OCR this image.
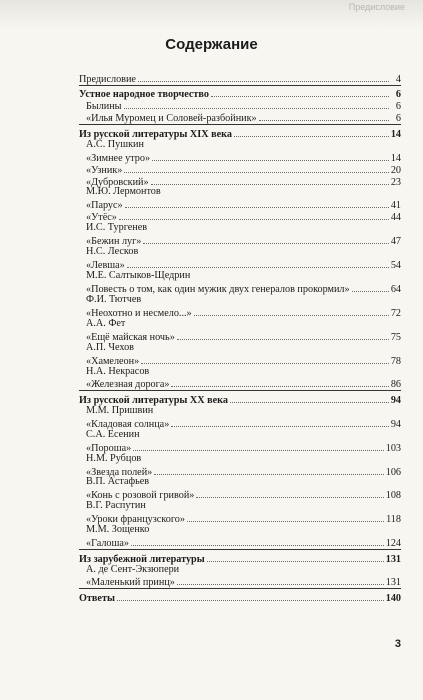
Предисловие
Содержание
Предисловие	4
Устное народное творчество	6
Былины	6
«Илья Муромец и Соловей-разбойник»	6
Из русской литературы XIX века	14
А.С. Пушкин
«Зимнее утро»	14
«Узник»	20
«Дубровский»	23
М.Ю. Лермонтов
«Парус»	41
«Утёс»	44
И.С. Тургенев
«Бежин луг»	47
Н.С. Лесков
«Левша»	54
М.Е. Салтыков-Щедрин
«Повесть о том, как один мужик двух генералов прокормил»	64
Ф.И. Тютчев
«Неохотно и несмело...»	72
А.А. Фет
«Ещё майская ночь»	75
А.П. Чехов
«Хамелеон»	78
Н.А. Некрасов
«Железная дорога»	86
Из русской литературы XX века	94
М.М. Пришвин
«Кладовая солнца»	94
С.А. Есенин
«Пороша»	103
Н.М. Рубцов
«Звезда полей»	106
В.П. Астафьев
«Конь с розовой гривой»	108
В.Г. Распутин
«Уроки французского»	118
М.М. Зощенко
«Галоша»	124
Из зарубежной литературы	131
А. де Сент-Экзюпери
«Маленький принц»	131
Ответы	140
3
